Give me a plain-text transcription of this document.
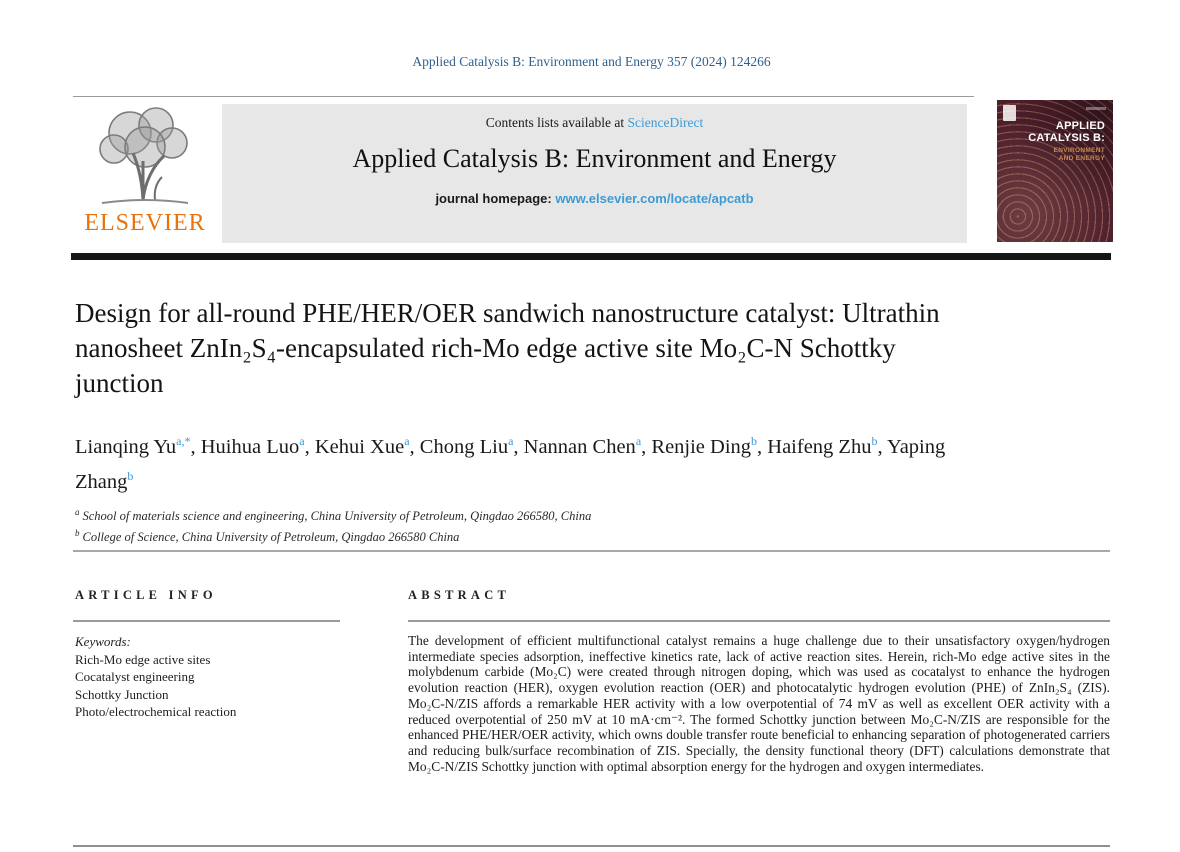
Applied Catalysis B: Environment and Energy 357 (2024) 124266
ELSEVIER
Contents lists available at ScienceDirect
Applied Catalysis B: Environment and Energy
journal homepage: www.elsevier.com/locate/apcatb
APPLIED
CATALYSIS B:
ENVIRONMENT
AND ENERGY
Design for all-round PHE/HER/OER sandwich nanostructure catalyst: Ultrathin nanosheet ZnIn₂S₄-encapsulated rich-Mo edge active site Mo₂C-N Schottky junction
Lianqing $Yu^{a,*}$, Huihua Luo$^a$, Kehui Xue$^a$, Chong Liu$^a$, Nannan Chen$^a$, Renjie Ding$^b$, Haifeng Zhu$^b$, Yaping Zhang$^b$
$^a$ School of materials science and engineering, China University of Petroleum, Qingdao 266580, China
$^b$ College of Science, China University of Petroleum, Qingdao 266580 China
ARTICLE INFO	ABSTRACT
Keywords:
Rich-Mo edge active sites
Cocatalyst engineering
Schottky Junction
Photo/electrochemical reaction
The development of efficient multifunctional catalyst remains a huge challenge due to their unsatisfactory oxygen/hydrogen intermediate species adsorption, ineffective kinetics rate, lack of active reaction sites. Herein, rich-Mo edge active sites in the molybdenum carbide (Mo₂C) were created through nitrogen doping, which was used as cocatalyst to enhance the hydrogen evolution reaction (HER), oxygen evolution reaction (OER) and photocatalytic hydrogen evolution (PHE) of ZnIn₂S₄ (ZIS). Mo₂C-N/ZIS affords a remarkable HER activity with a low overpotential of 74 mV as well as excellent OER activity with a reduced overpotential of 250 mV at 10 mA·cm⁻². The formed Schottky junction between Mo₂C-N/ZIS are responsible for the enhanced PHE/HER/OER activity, which owns double transfer route beneficial to enhancing separation of photogenerated carriers and reducing bulk/surface recombination of ZIS. Specially, the density functional theory (DFT) calculations demonstrate that Mo₂C-N/ZIS Schottky junction with optimal absorption energy for the hydrogen and oxygen intermediates.
